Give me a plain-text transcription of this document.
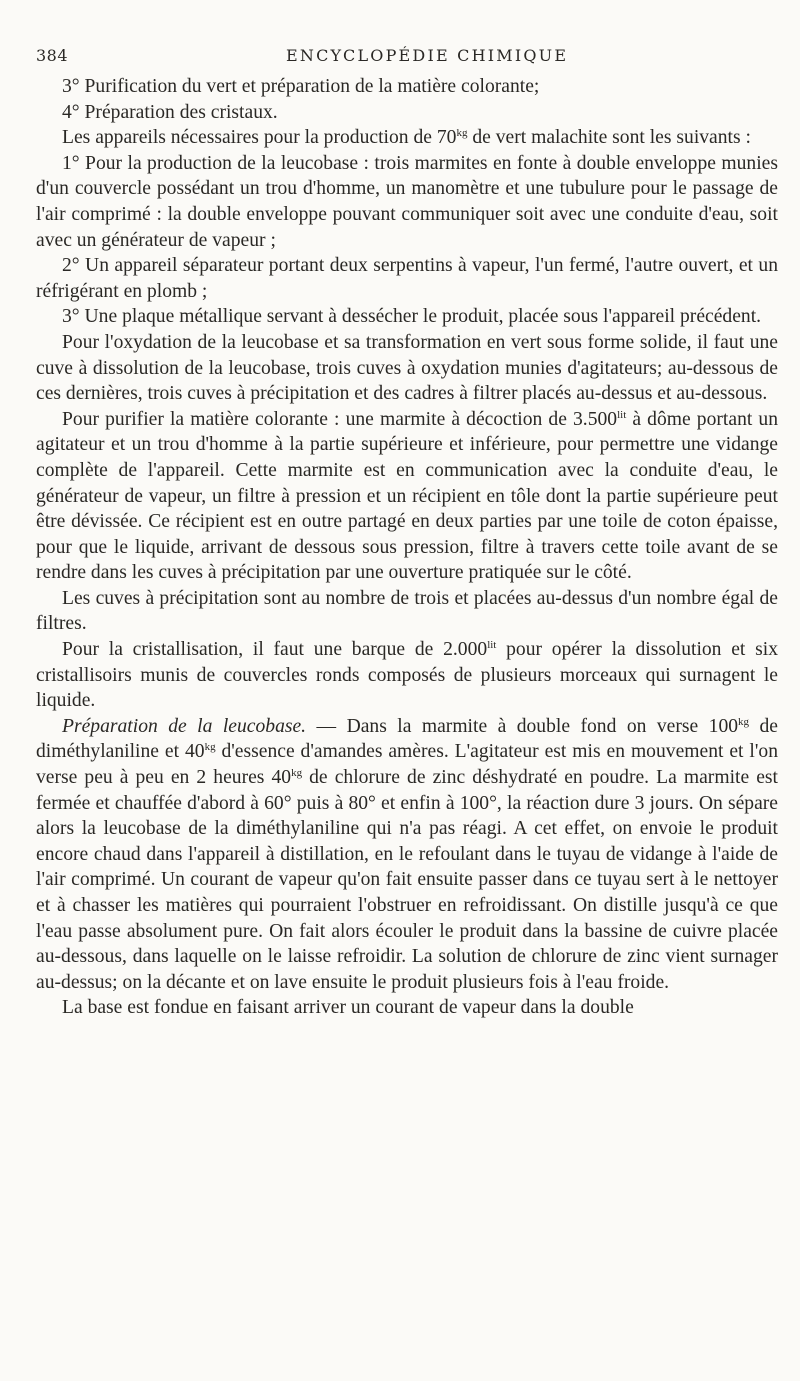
384	ENCYCLOPÉDIE CHIMIQUE

3° Purification du vert et préparation de la matière colorante;

4° Préparation des cristaux.

Les appareils nécessaires pour la production de $70^{kg}$ de vert malachite sont les suivants :

1° Pour la production de la leucobase : trois marmites en fonte à double enveloppe munies d'un couvercle possédant un trou d'homme, un manomètre et une tubulure pour le passage de l'air comprimé : la double enveloppe pouvant communiquer soit avec une conduite d'eau, soit avec un générateur de vapeur ;

2° Un appareil séparateur portant deux serpentins à vapeur, l'un fermé, l'autre ouvert, et un réfrigérant en plomb ;

3° Une plaque métallique servant à dessécher le produit, placée sous l'appareil précédent.

Pour l'oxydation de la leucobase et sa transformation en vert sous forme solide, il faut une cuve à dissolution de la leucobase, trois cuves à oxydation munies d'agitateurs; au-dessous de ces dernières, trois cuves à précipitation et des cadres à filtrer placés au-dessus et au-dessous.

Pour purifier la matière colorante : une marmite à décoction de $3.500^{lit}$ à dôme portant un agitateur et un trou d'homme à la partie supérieure et inférieure, pour permettre une vidange complète de l'appareil. Cette marmite est en communication avec la conduite d'eau, le générateur de vapeur, un filtre à pression et un récipient en tôle dont la partie supérieure peut être dévissée. Ce récipient est en outre partagé en deux parties par une toile de coton épaisse, pour que le liquide, arrivant de dessous sous pression, filtre à travers cette toile avant de se rendre dans les cuves à précipitation par une ouverture pratiquée sur le côté.

Les cuves à précipitation sont au nombre de trois et placées au-dessus d'un nombre égal de filtres.

Pour la cristallisation, il faut une barque de $2.000^{lit}$ pour opérer la dissolution et six cristallisoirs munis de couvercles ronds composés de plusieurs morceaux qui surnagent le liquide.

Préparation de la leucobase. — Dans la marmite à double fond on verse $100^{kg}$ de diméthylaniline et $40^{kg}$ d'essence d'amandes amères. L'agitateur est mis en mouvement et l'on verse peu à peu en 2 heures $40^{kg}$ de chlorure de zinc déshydraté en poudre. La marmite est fermée et chauffée d'abord à 60° puis à 80° et enfin à 100°, la réaction dure 3 jours. On sépare alors la leucobase de la diméthylaniline qui n'a pas réagi. A cet effet, on envoie le produit encore chaud dans l'appareil à distillation, en le refoulant dans le tuyau de vidange à l'aide de l'air comprimé. Un courant de vapeur qu'on fait ensuite passer dans ce tuyau sert à le nettoyer et à chasser les matières qui pourraient l'obstruer en refroidissant. On distille jusqu'à ce que l'eau passe absolument pure. On fait alors écouler le produit dans la bassine de cuivre placée au-dessous, dans laquelle on le laisse refroidir. La solution de chlorure de zinc vient surnager au-dessus; on la décante et on lave ensuite le produit plusieurs fois à l'eau froide.

La base est fondue en faisant arriver un courant de vapeur dans la double
